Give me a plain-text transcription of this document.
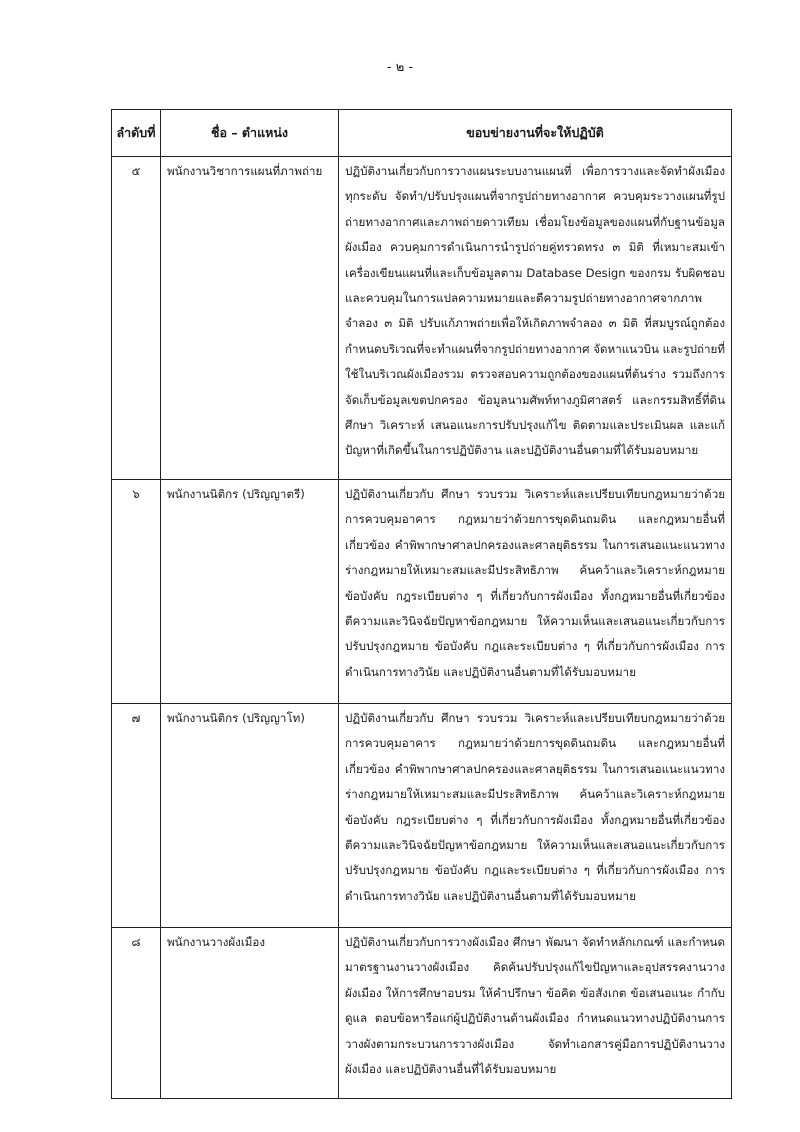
- ๒ -
ลำดับที่	ชื่อ – ตำแหน่ง	ขอบข่ายงานที่จะให้ปฏิบัติ
๕	พนักงานวิชาการแผนที่ภาพถ่าย	ปฏิบัติงานเกี่ยวกับการวางแผนระบบงานแผนที่ เพื่อการวางและจัดทำผังเมืองทุกระดับ จัดทำ/ปรับปรุงแผนที่จากรูปถ่ายทางอากาศ ควบคุมระวางแผนที่รูปถ่ายทางอากาศและภาพถ่ายดาวเทียม เชื่อมโยงข้อมูลของแผนที่กับฐานข้อมูลผังเมือง ควบคุมการดำเนินการนำรูปถ่ายคู่ทรวดทรง ๓ มิติ ที่เหมาะสมเข้าเครื่องเขียนแผนที่และเก็บข้อมูลตาม Database Design ของกรม รับผิดชอบและควบคุมในการแปลความหมายและตีความรูปถ่ายทางอากาศจากภาพจำลอง ๓ มิติ ปรับแก้ภาพถ่ายเพื่อให้เกิดภาพจำลอง ๓ มิติ ที่สมบูรณ์ถูกต้อง กำหนดบริเวณที่จะทำแผนที่จากรูปถ่ายทางอากาศ จัดหาแนวบิน และรูปถ่ายที่ใช้ในบริเวณผังเมืองรวม ตรวจสอบความถูกต้องของแผนที่ต้นร่าง รวมถึงการจัดเก็บข้อมูลเขตปกครอง ข้อมูลนามศัพท์ทางภูมิศาสตร์ และกรรมสิทธิ์ที่ดิน ศึกษา วิเคราะห์ เสนอแนะการปรับปรุงแก้ไข ติดตามและประเมินผล และแก้ปัญหาที่เกิดขึ้นในการปฏิบัติงาน และปฏิบัติงานอื่นตามที่ได้รับมอบหมาย
๖	พนักงานนิติกร (ปริญญาตรี)	ปฏิบัติงานเกี่ยวกับ ศึกษา รวบรวม วิเคราะห์และเปรียบเทียบกฎหมายว่าด้วยการควบคุมอาคาร กฎหมายว่าด้วยการขุดดินถมดิน และกฎหมายอื่นที่เกี่ยวข้อง คำพิพากษาศาลปกครองและศาลยุติธรรม ในการเสนอแนะแนวทางร่างกฎหมายให้เหมาะสมและมีประสิทธิภาพ ค้นคว้าและวิเคราะห์กฎหมาย ข้อบังคับ กฎระเบียบต่าง ๆ ที่เกี่ยวกับการผังเมือง ทั้งกฎหมายอื่นที่เกี่ยวข้อง ตีความและวินิจฉัยปัญหาข้อกฎหมาย ให้ความเห็นและเสนอแนะเกี่ยวกับการปรับปรุงกฎหมาย ข้อบังคับ กฎและระเบียบต่าง ๆ ที่เกี่ยวกับการผังเมือง การดำเนินการทางวินัย และปฏิบัติงานอื่นตามที่ได้รับมอบหมาย
๗	พนักงานนิติกร (ปริญญาโท)	ปฏิบัติงานเกี่ยวกับ ศึกษา รวบรวม วิเคราะห์และเปรียบเทียบกฎหมายว่าด้วยการควบคุมอาคาร กฎหมายว่าด้วยการขุดดินถมดิน และกฎหมายอื่นที่เกี่ยวข้อง คำพิพากษาศาลปกครองและศาลยุติธรรม ในการเสนอแนะแนวทางร่างกฎหมายให้เหมาะสมและมีประสิทธิภาพ ค้นคว้าและวิเคราะห์กฎหมาย ข้อบังคับ กฎระเบียบต่าง ๆ ที่เกี่ยวกับการผังเมือง ทั้งกฎหมายอื่นที่เกี่ยวข้อง ตีความและวินิจฉัยปัญหาข้อกฎหมาย ให้ความเห็นและเสนอแนะเกี่ยวกับการปรับปรุงกฎหมาย ข้อบังคับ กฎและระเบียบต่าง ๆ ที่เกี่ยวกับการผังเมือง การดำเนินการทางวินัย และปฏิบัติงานอื่นตามที่ได้รับมอบหมาย
๘	พนักงานวางผังเมือง	ปฏิบัติงานเกี่ยวกับการวางผังเมือง ศึกษา พัฒนา จัดทำหลักเกณฑ์ และกำหนดมาตรฐานงานวางผังเมือง คิดค้นปรับปรุงแก้ไขปัญหาและอุปสรรคงานวางผังเมือง ให้การศึกษาอบรม ให้คำปรึกษา ข้อคิด ข้อสังเกต ข้อเสนอแนะ กำกับดูแล ตอบข้อหารือแก่ผู้ปฏิบัติงานด้านผังเมือง กำหนดแนวทางปฏิบัติงานการวางผังตามกระบวนการวางผังเมือง จัดทำเอกสารคู่มือการปฏิบัติงานวางผังเมือง และปฏิบัติงานอื่นที่ได้รับมอบหมาย
